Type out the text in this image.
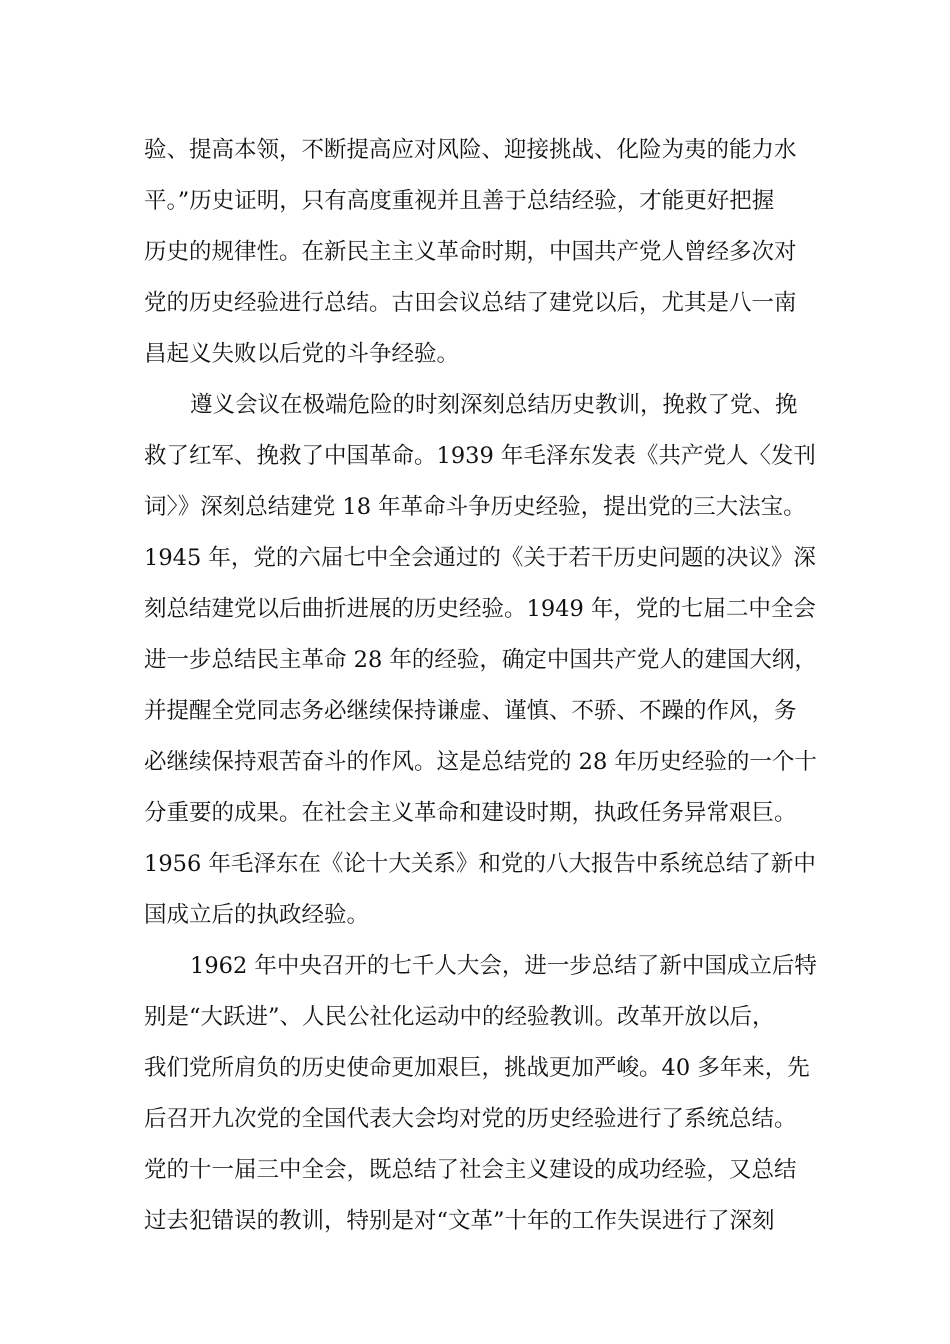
验、提高本领，不断提高应对风险、迎接挑战、化险为夷的能力水
平。”历史证明，只有高度重视并且善于总结经验，才能更好把握
历史的规律性。在新民主主义革命时期，中国共产党人曾经多次对
党的历史经验进行总结。古田会议总结了建党以后，尤其是八一南
昌起义失败以后党的斗争经验。
遵义会议在极端危险的时刻深刻总结历史教训，挽救了党、挽
救了红军、挽救了中国革命。1939 年毛泽东发表《共产党人〈发刊
词〉》深刻总结建党 18 年革命斗争历史经验，提出党的三大法宝。
1945 年，党的六届七中全会通过的《关于若干历史问题的决议》深
刻总结建党以后曲折进展的历史经验。1949 年，党的七届二中全会
进一步总结民主革命 28 年的经验，确定中国共产党人的建国大纲，
并提醒全党同志务必继续保持谦虚、谨慎、不骄、不躁的作风，务
必继续保持艰苦奋斗的作风。这是总结党的 28 年历史经验的一个十
分重要的成果。在社会主义革命和建设时期，执政任务异常艰巨。
1956 年毛泽东在《论十大关系》和党的八大报告中系统总结了新中
国成立后的执政经验。
1962 年中央召开的七千人大会，进一步总结了新中国成立后特
别是“大跃进”、人民公社化运动中的经验教训。改革开放以后，
我们党所肩负的历史使命更加艰巨，挑战更加严峻。40 多年来，先
后召开九次党的全国代表大会均对党的历史经验进行了系统总结。
党的十一届三中全会，既总结了社会主义建设的成功经验，又总结
过去犯错误的教训，特别是对“文革”十年的工作失误进行了深刻
